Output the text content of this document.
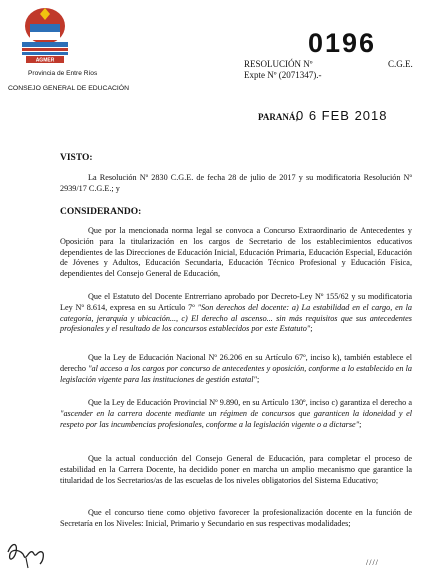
AGMER
Provincia de Entre Ríos
CONSEJO GENERAL DE EDUCACIÓN
0196
RESOLUCIÓN Nº	C.G.E.
Expte Nº (2071347).-
PARANÁ;
0 6 FEB 2018
VISTO:

La Resolución Nº 2830 C.G.E. de fecha 28 de julio de 2017 y su modificatoria Resolución Nº 2939/17 C.G.E.; y

CONSIDERANDO:

Que por la mencionada norma legal se convoca a Concurso Extraordinario de Antecedentes y Oposición para la titularización en los cargos de Secretario de los establecimientos educativos dependientes de las Direcciones de Educación Inicial, Educación Primaria, Educación Especial, Educación de Jóvenes y Adultos, Educación Secundaria, Educación Técnico Profesional y Educación Física, dependientes del Consejo General de Educación,

Que el Estatuto del Docente Entrerriano aprobado por Decreto-Ley Nº 155/62 y su modificatoria Ley Nº 8.614, expresa en su Artículo 7º "Son derechos del docente: a) La estabilidad en el cargo, en la categoría, jerarquía y ubicación..., c) El derecho al ascenso... sin más requisitos que sus antecedentes profesionales y el resultado de los concursos establecidos por este Estatuto";

Que la Ley de Educación Nacional Nº 26.206 en su Artículo 67º, inciso k), también establece el derecho "al acceso a los cargos por concurso de antecedentes y oposición, conforme a lo establecido en la legislación vigente para las instituciones de gestión estatal";

Que la Ley de Educación Provincial Nº 9.890, en su Artículo 130º, inciso c) garantiza el derecho a "ascender en la carrera docente mediante un régimen de concursos que garanticen la idoneidad y el respeto por las incumbencias profesionales, conforme a la legislación vigente o a dictarse";

Que la actual conducción del Consejo General de Educación, para completar el proceso de estabilidad en la Carrera Docente, ha decidido poner en marcha un amplio mecanismo que garantice la titularidad de los Secretarios/as de las escuelas de los niveles obligatorios del Sistema Educativo;

Que el concurso tiene como objetivo favorecer la profesionalización docente en la función de Secretaría en los Niveles: Inicial, Primario y Secundario en sus respectivas modalidades;

////
